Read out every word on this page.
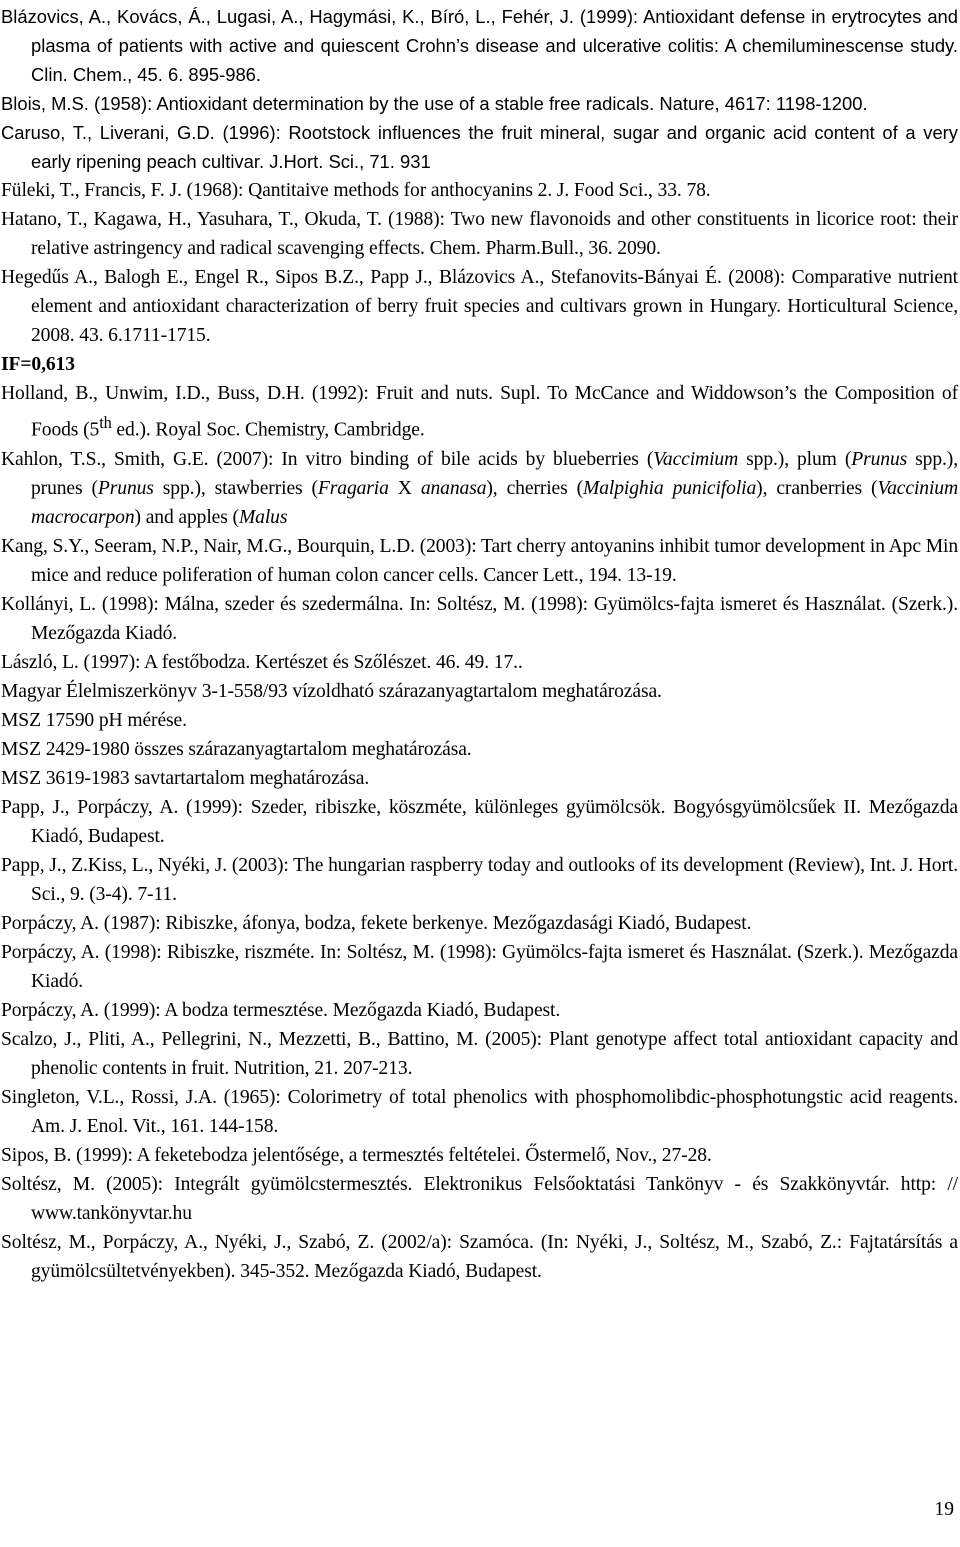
Blázovics, A., Kovács, Á., Lugasi, A., Hagymási, K., Bíró, L., Fehér, J. (1999): Antioxidant defense in erytrocytes and plasma of patients with active and quiescent Crohn’s disease and ulcerative colitis: A chemiluminescense study. Clin. Chem., 45. 6. 895-986.

Blois, M.S. (1958): Antioxidant determination by the use of a stable free radicals. Nature, 4617: 1198-1200.

Caruso, T., Liverani, G.D. (1996): Rootstock influences the fruit mineral, sugar and organic acid content of a very early ripening peach cultivar. J.Hort. Sci., 71. 931

Füleki, T., Francis, F. J. (1968): Qantitaive methods for anthocyanins 2. J. Food Sci., 33. 78.

Hatano, T., Kagawa, H., Yasuhara, T., Okuda, T. (1988): Two new flavonoids and other constituents in licorice root: their relative astringency and radical scavenging effects. Chem. Pharm.Bull., 36. 2090.

Hegedűs A., Balogh E., Engel R., Sipos B.Z., Papp J., Blázovics A., Stefanovits-Bányai É. (2008): Comparative nutrient element and antioxidant characterization of berry fruit species and cultivars grown in Hungary. Horticultural Science, 2008. 43. 6.1711-1715.

IF=0,613

Holland, B., Unwim, I.D., Buss, D.H. (1992): Fruit and nuts. Supl. To McCance and Widdowson’s the Composition of Foods (5th ed.). Royal Soc. Chemistry, Cambridge.

Kahlon, T.S., Smith, G.E. (2007): In vitro binding of bile acids by blueberries (Vaccimium spp.), plum (Prunus spp.), prunes (Prunus spp.), stawberries (Fragaria X ananasa), cherries (Malpighia punicifolia), cranberries (Vaccinium macrocarpon) and apples (Malus

Kang, S.Y., Seeram, N.P., Nair, M.G., Bourquin, L.D. (2003): Tart cherry antoyanins inhibit tumor development in Apc Min mice and reduce poliferation of human colon cancer cells. Cancer Lett., 194. 13-19.

Kollányi, L. (1998): Málna, szeder és szedermálna. In: Soltész, M. (1998): Gyümölcs-fajta ismeret és Használat. (Szerk.). Mezőgazda Kiadó.

László, L. (1997): A festőbodza. Kertészet és Szőlészet. 46. 49. 17..

Magyar Élelmiszerkönyv 3-1-558/93 vízoldható szárazanyagtartalom meghatározása.

MSZ 17590 pH mérése.

MSZ 2429-1980 összes szárazanyagtartalom meghatározása.

MSZ 3619-1983 savtartartalom meghatározása.

Papp, J., Porpáczy, A. (1999): Szeder, ribiszke, köszméte, különleges gyümölcsök. Bogyósgyümölcsűek II. Mezőgazda Kiadó, Budapest.

Papp, J., Z.Kiss, L., Nyéki, J. (2003): The hungarian raspberry today and outlooks of its development (Review), Int. J. Hort. Sci., 9. (3-4). 7-11.

Porpáczy, A. (1987): Ribiszke, áfonya, bodza, fekete berkenye. Mezőgazdasági Kiadó, Budapest.

Porpáczy, A. (1998): Ribiszke, riszméte. In: Soltész, M. (1998): Gyümölcs-fajta ismeret és Használat. (Szerk.). Mezőgazda Kiadó.

Porpáczy, A. (1999): A bodza termesztése. Mezőgazda Kiadó, Budapest.

Scalzo, J., Pliti, A., Pellegrini, N., Mezzetti, B., Battino, M. (2005): Plant genotype affect total antioxidant capacity and phenolic contents in fruit. Nutrition, 21. 207-213.

Singleton, V.L., Rossi, J.A. (1965): Colorimetry of total phenolics with phosphomolibdic-phosphotungstic acid reagents. Am. J. Enol. Vit., 161. 144-158.

Sipos, B. (1999): A feketebodza jelentősége, a termesztés feltételei. Őstermelő, Nov., 27-28.

Soltész, M. (2005): Integrált gyümölcstermesztés. Elektronikus Felsőoktatási Tankönyv - és Szakkönyvtár. http: // www.tankönyvtar.hu

Soltész, M., Porpáczy, A., Nyéki, J., Szabó, Z. (2002/a): Szamóca. (In: Nyéki, J., Soltész, M., Szabó, Z.: Fajtatársítás a gyümölcsültetvényekben). 345-352. Mezőgazda Kiadó, Budapest.

19
